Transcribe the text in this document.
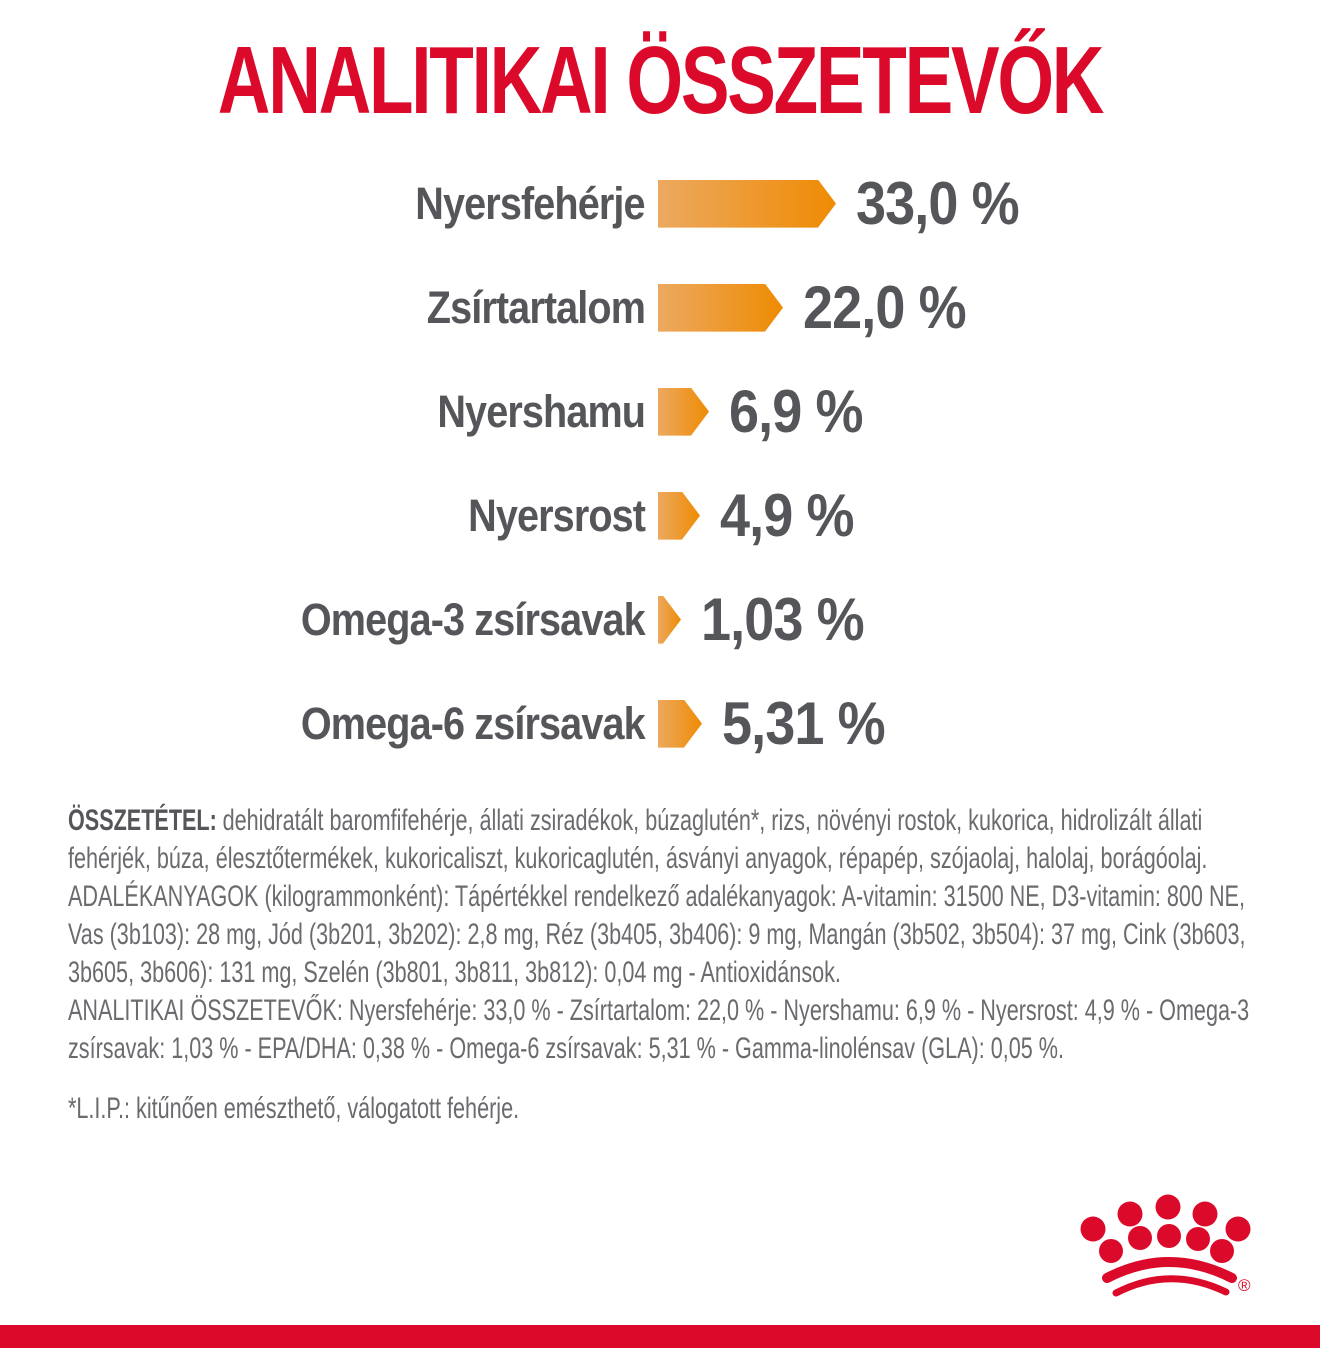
ANALITIKAI ÖSSZETEVŐK
Nyersfehérje	33,0 %
Zsírtartalom	22,0 %
Nyershamu 6,9 %
Nyersrost 4,9 %
Omega-3 zsírsavak 1,03 %
Omega-6 zsírsavak 5,31 %

ÖSSZETÉTEL: dehidratált baromfifehérje, állati zsiradékok, búzaglutén*, rizs, növényi rostok, kukorica, hidrolizált állati fehérjék, búza, élesztőtermékek, kukoricaliszt, kukoricaglutén, ásványi anyagok, répapép, szójaolaj, halolaj, borágóolaj.

ADALÉKANYAGOK (kilogrammonként): Tápértékkel rendelkező adalékanyagok: A-vitamin: 31500 NE, D3-vitamin: 800 NE, Vas (3b103): 28 mg, Jód (3b201, 3b202): 2,8 mg, Réz (3b405, 3b406): 9 mg, Mangán (3b502, 3b504): 37 mg, Cink (3b603, 3b605, 3b606): 131 mg, Szelén (3b801, 3b811, 3b812): 0,04 mg - Antioxidánsok.

ANALITIKAI ÖSSZETEVŐK: Nyersfehérje: 33,0 % - Zsírtartalom: 22,0 % - Nyershamu: 6,9 % - Nyersrost: 4,9 % - Omega-3 zsírsavak: 1,03 % - EPA/DHA: 0,38 % - Omega-6 zsírsavak: 5,31 % - Gamma-linolénsav (GLA): 0,05 %.

*L.I.P.: kitűnően emészthető, válogatott fehérje.

®
